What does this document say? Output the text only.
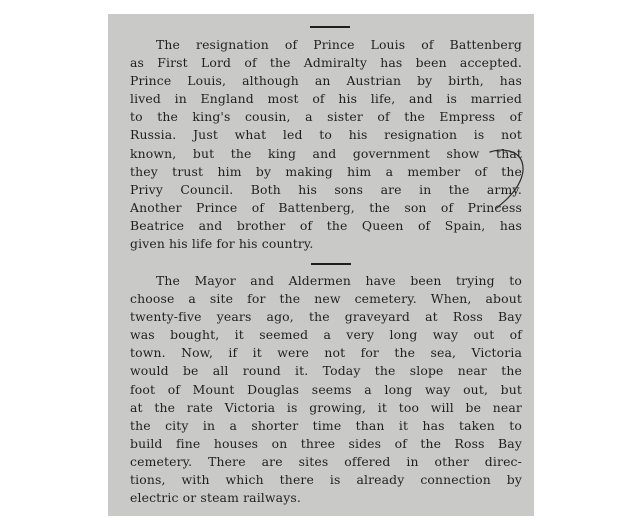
The resignation of Prince Louis of Battenberg
as First Lord of the Admiralty has been accepted.
Prince Louis, although an Austrian by birth, has
lived in England most of his life, and is married
to the king's cousin, a sister of the Empress of
Russia. Just what led to his resignation is not
known, but the king and government show that
they trust him by making him a member of the
Privy Council. Both his sons are in the army.
Another Prince of Battenberg, the son of Princess
Beatrice and brother of the Queen of Spain, has
given his life for his country.
The Mayor and Aldermen have been trying to
choose a site for the new cemetery. When, about
twenty-five years ago, the graveyard at Ross Bay
was bought, it seemed a very long way out of
town. Now, if it were not for the sea, Victoria
would be all round it. Today the slope near the
foot of Mount Douglas seems a long way out, but
at the rate Victoria is growing, it too will be near
the city in a shorter time than it has taken to
build fine houses on three sides of the Ross Bay
cemetery. There are sites offered in other direc-
tions, with which there is already connection by
electric or steam railways.
